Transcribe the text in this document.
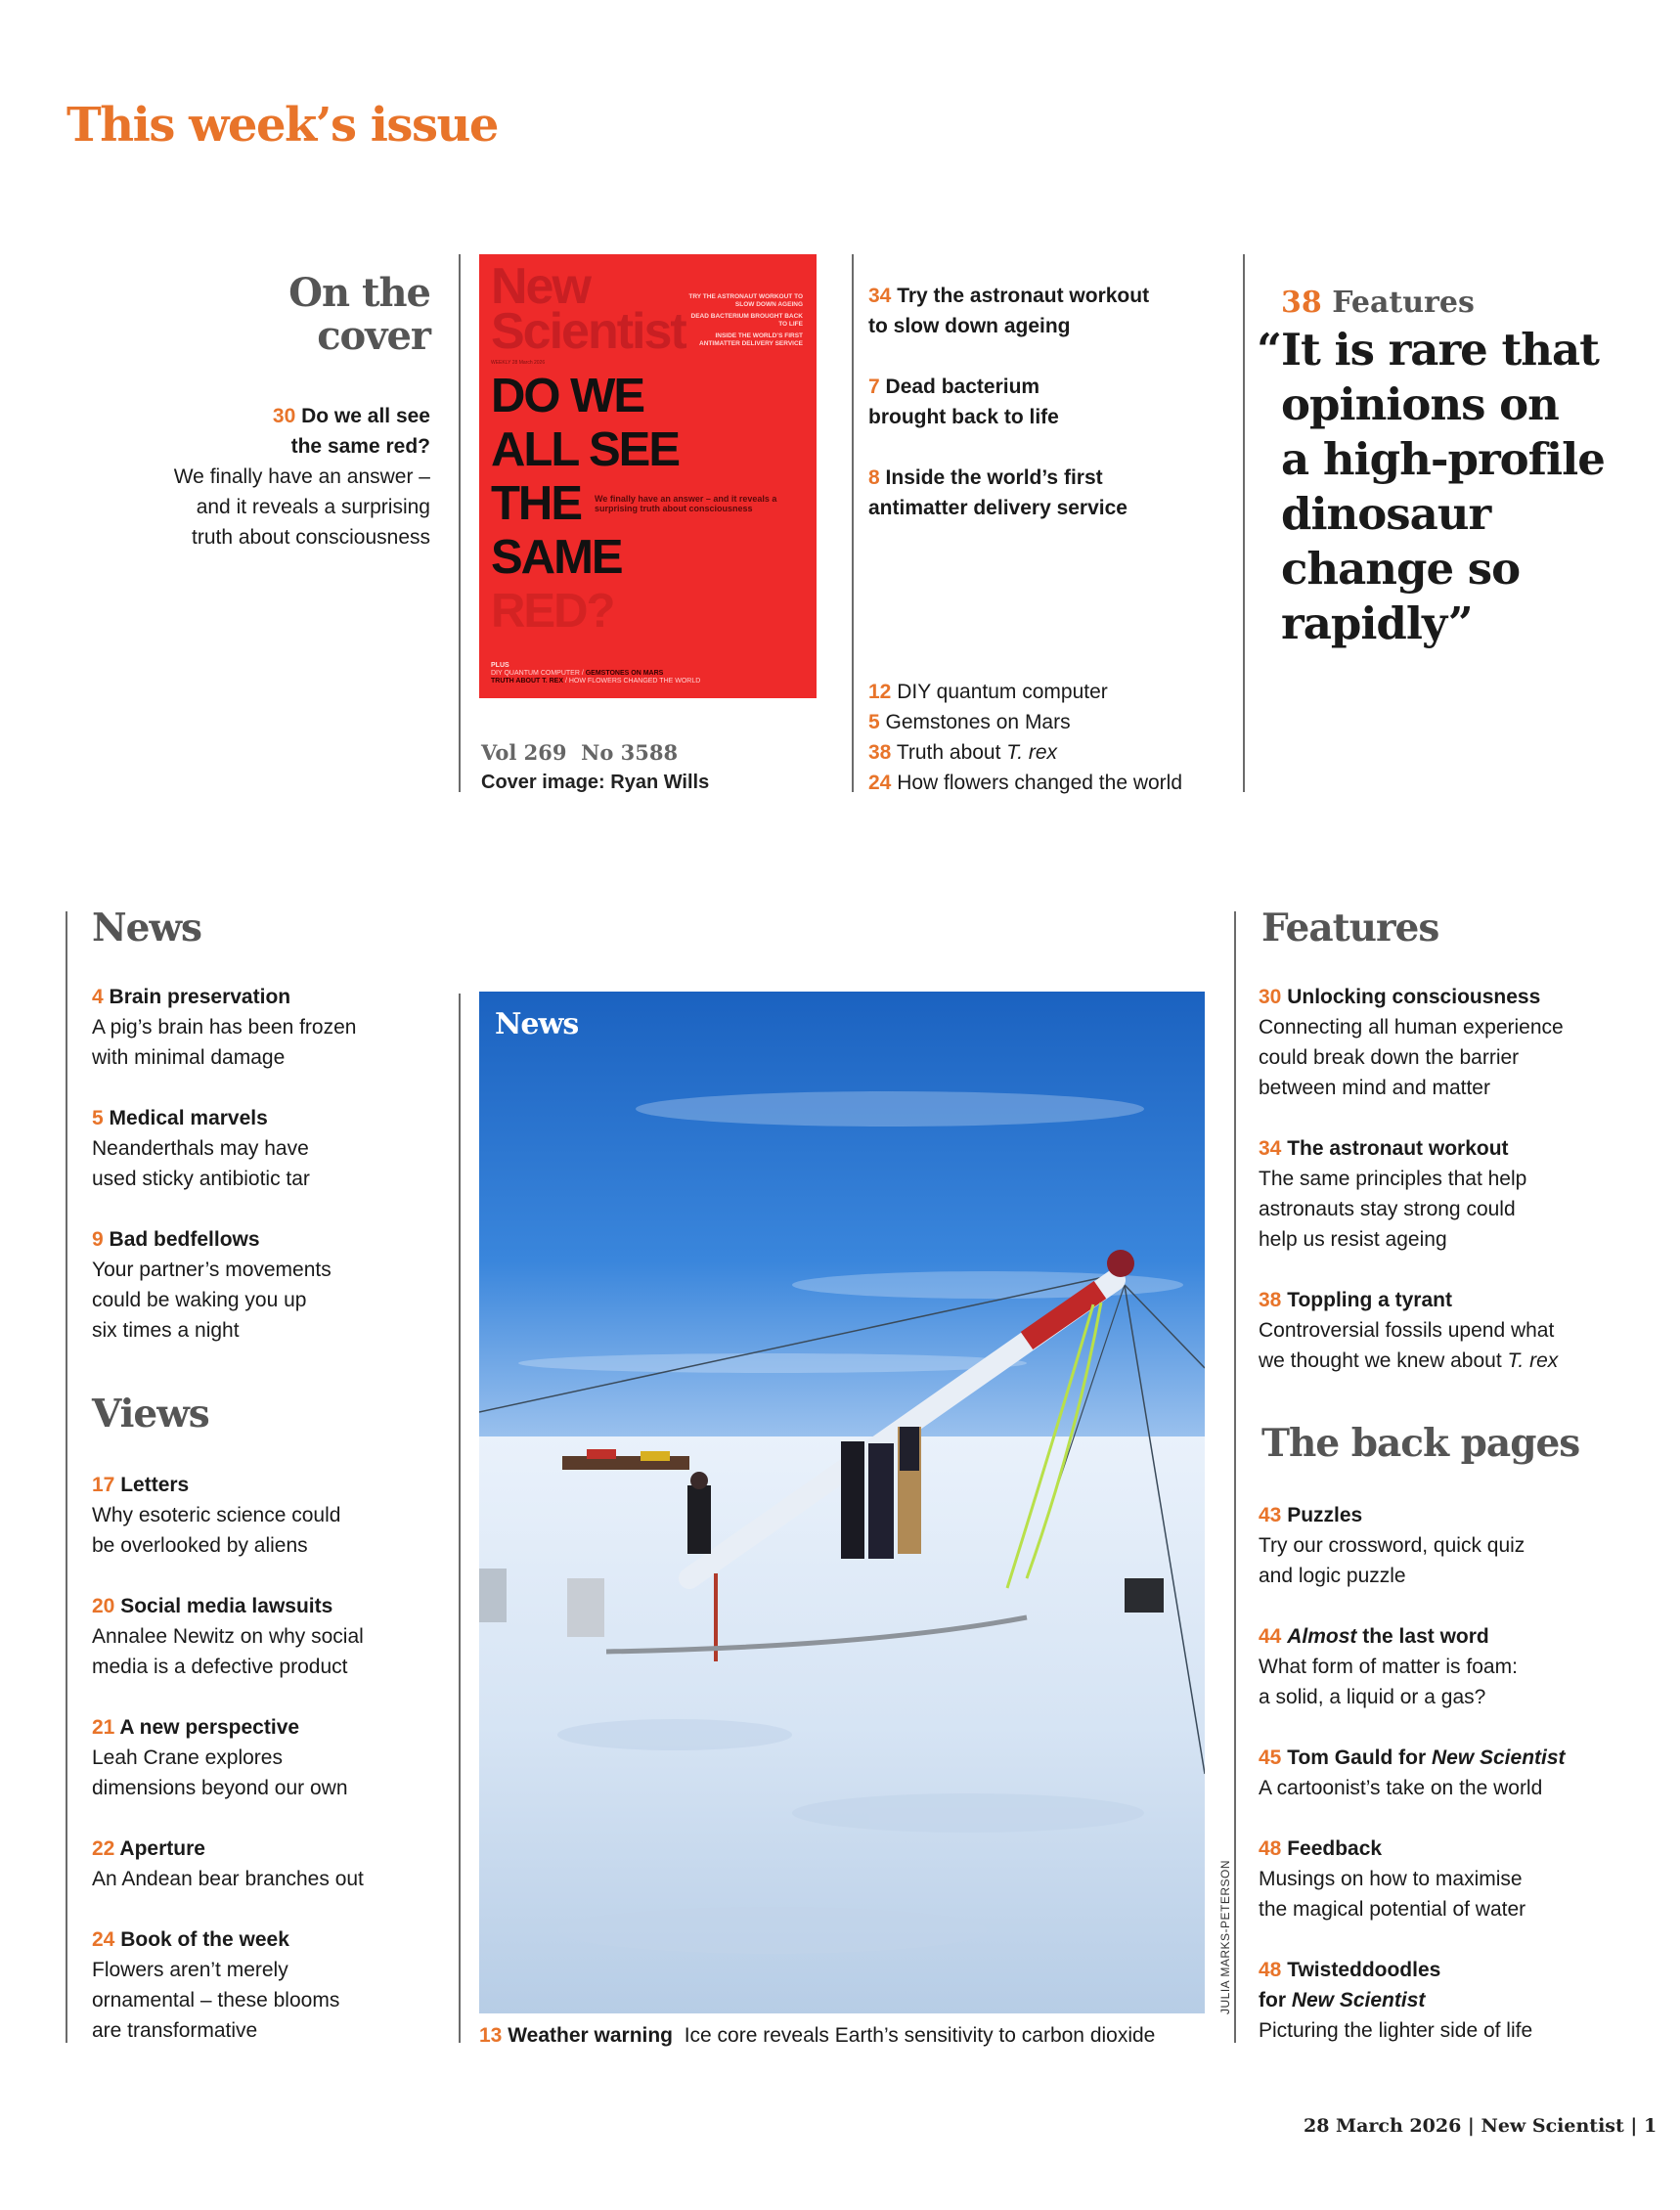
This week’s issue
On the
cover
30 Do we all see
the same red?
We finally have an answer –
and it reveals a surprising
truth about consciousness
New
Scientist
WEEKLY 28 March 2026
TRY THE ASTRONAUT WORKOUT TO SLOW DOWN AGEING
DEAD BACTERIUM BROUGHT BACK TO LIFE
INSIDE THE WORLD’S FIRST ANTIMATTER DELIVERY SERVICE
DO WE
ALL SEE
THE
SAME
RED?
We finally have an answer – and it reveals a surprising truth about consciousness
PLUS
DIY QUANTUM COMPUTER / GEMSTONES ON MARS
TRUTH ABOUT T. REX / HOW FLOWERS CHANGED THE WORLD
Vol 269 No 3588
Cover image: Ryan Wills
34 Try the astronaut workout
to slow down ageing
7 Dead bacterium
brought back to life
8 Inside the world’s first
antimatter delivery service
12 DIY quantum computer
5 Gemstones on Mars
38 Truth about T. rex
24 How flowers changed the world
38 Features
“It is rare that
opinions on
a high-profile
dinosaur
change so
rapidly”
News
4 Brain preservation
A pig’s brain has been frozen
with minimal damage
5 Medical marvels
Neanderthals may have
used sticky antibiotic tar
9 Bad bedfellows
Your partner’s movements
could be waking you up
six times a night
Views
17 Letters
Why esoteric science could
be overlooked by aliens
20 Social media lawsuits
Annalee Newitz on why social
media is a defective product
21 A new perspective
Leah Crane explores
dimensions beyond our own
22 Aperture
An Andean bear branches out
24 Book of the week
Flowers aren’t merely
ornamental – these blooms
are transformative
News
JULIA MARKS-PETERSON
13 Weather warning Ice core reveals Earth’s sensitivity to carbon dioxide
Features
30 Unlocking consciousness
Connecting all human experience
could break down the barrier
between mind and matter
34 The astronaut workout
The same principles that help
astronauts stay strong could
help us resist ageing
38 Toppling a tyrant
Controversial fossils upend what
we thought we knew about T. rex
The back pages
43 Puzzles
Try our crossword, quick quiz
and logic puzzle
44 Almost the last word
What form of matter is foam:
a solid, a liquid or a gas?
45 Tom Gauld for New Scientist
A cartoonist’s take on the world
48 Feedback
Musings on how to maximise
the magical potential of water
48 Twisteddoodles
for New Scientist
Picturing the lighter side of life
28 March 2026 | New Scientist | 1
